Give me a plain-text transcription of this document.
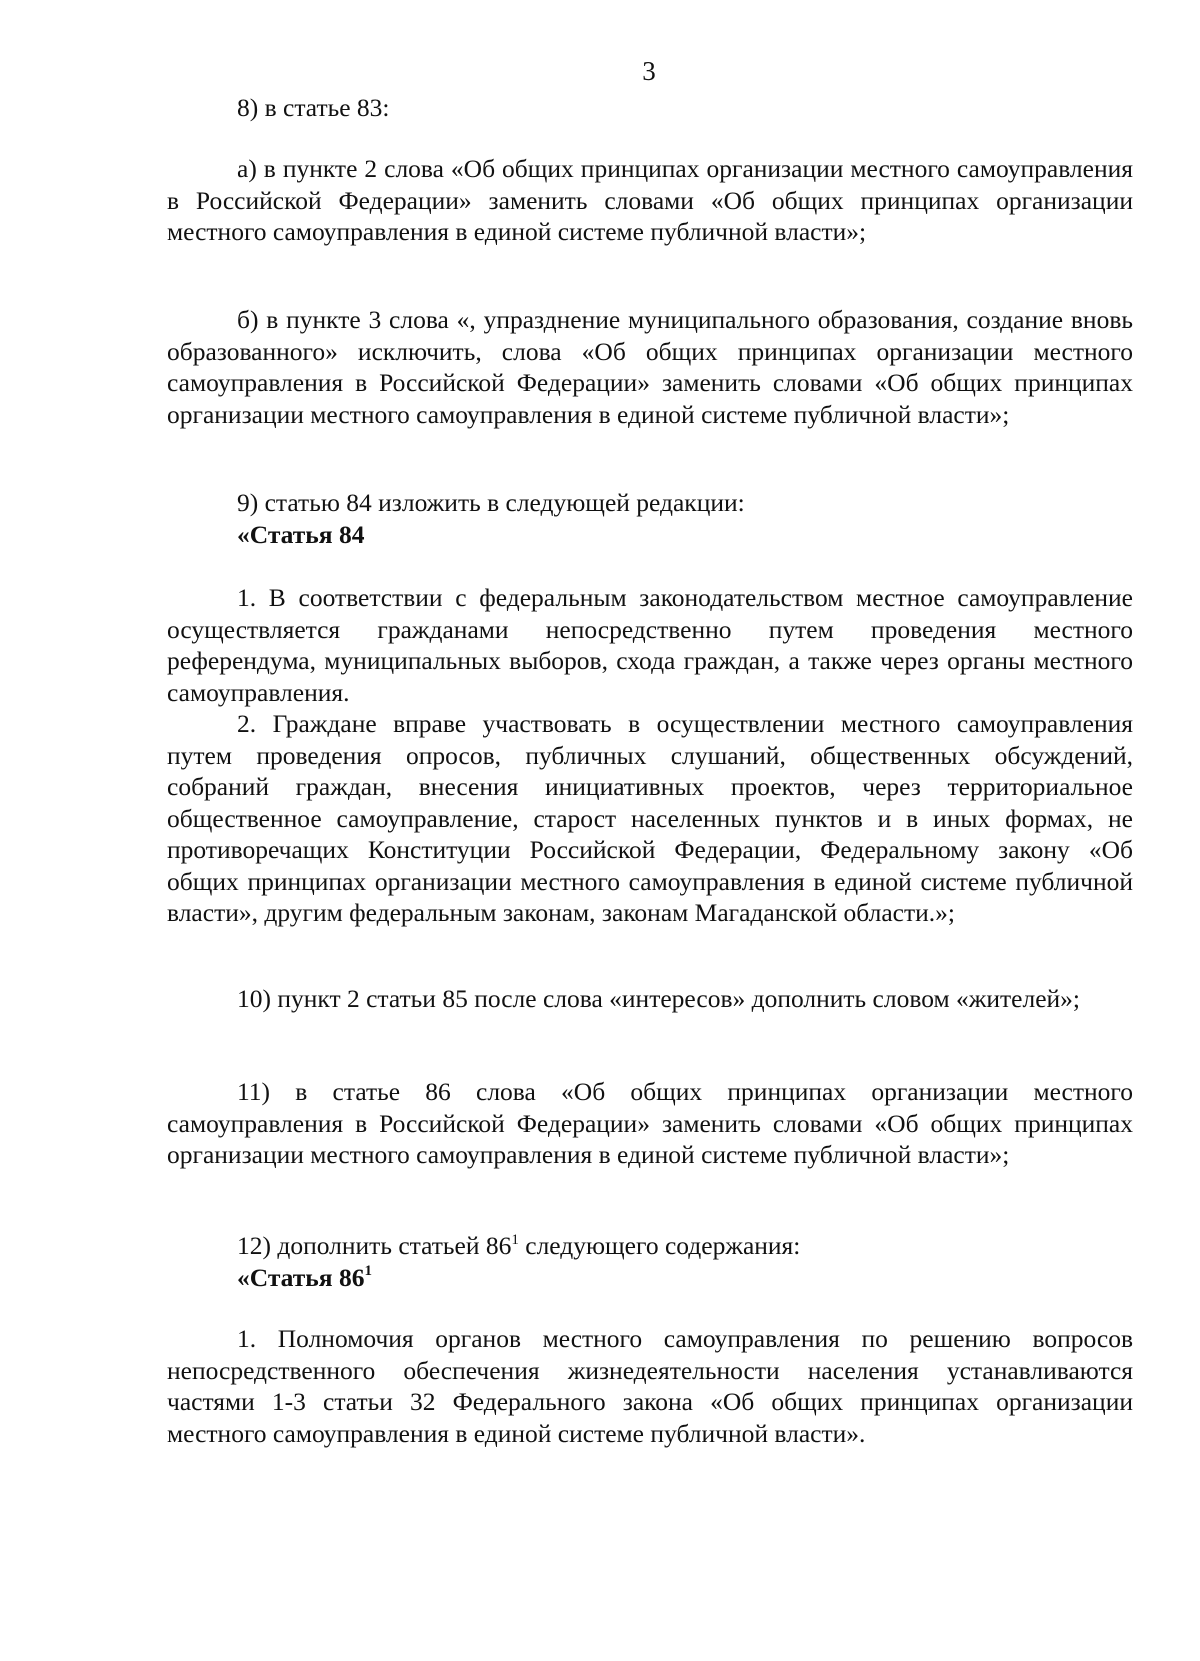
3

8) в статье 83:

а) в пункте 2 слова «Об общих принципах организации местного самоуправления в Российской Федерации» заменить словами «Об общих принципах организации местного самоуправления в единой системе публичной власти»;

б) в пункте 3 слова «, упразднение муниципального образования, создание вновь образованного» исключить, слова «Об общих принципах организации местного самоуправления в Российской Федерации» заменить словами «Об общих принципах организации местного самоуправления в единой системе публичной власти»;

9) статью 84 изложить в следующей редакции:

«Статья 84

1. В соответствии с федеральным законодательством местное самоуправление осуществляется гражданами непосредственно путем проведения местного референдума, муниципальных выборов, схода граждан, а также через органы местного самоуправления.

2. Граждане вправе участвовать в осуществлении местного самоуправления путем проведения опросов, публичных слушаний, общественных обсуждений, собраний граждан, внесения инициативных проектов, через территориальное общественное самоуправление, старост населенных пунктов и в иных формах, не противоречащих Конституции Российской Федерации, Федеральному закону «Об общих принципах организации местного самоуправления в единой системе публичной власти», другим федеральным законам, законам Магаданской области.»;

10) пункт 2 статьи 85 после слова «интересов» дополнить словом «жителей»;

11) в статье 86 слова «Об общих принципах организации местного самоуправления в Российской Федерации» заменить словами «Об общих принципах организации местного самоуправления в единой системе публичной власти»;

12) дополнить статьей $86^1$ следующего содержания:

«Статья $86^1$

1. Полномочия органов местного самоуправления по решению вопросов непосредственного обеспечения жизнедеятельности населения устанавливаются частями 1-3 статьи 32 Федерального закона «Об общих принципах организации местного самоуправления в единой системе публичной власти».
